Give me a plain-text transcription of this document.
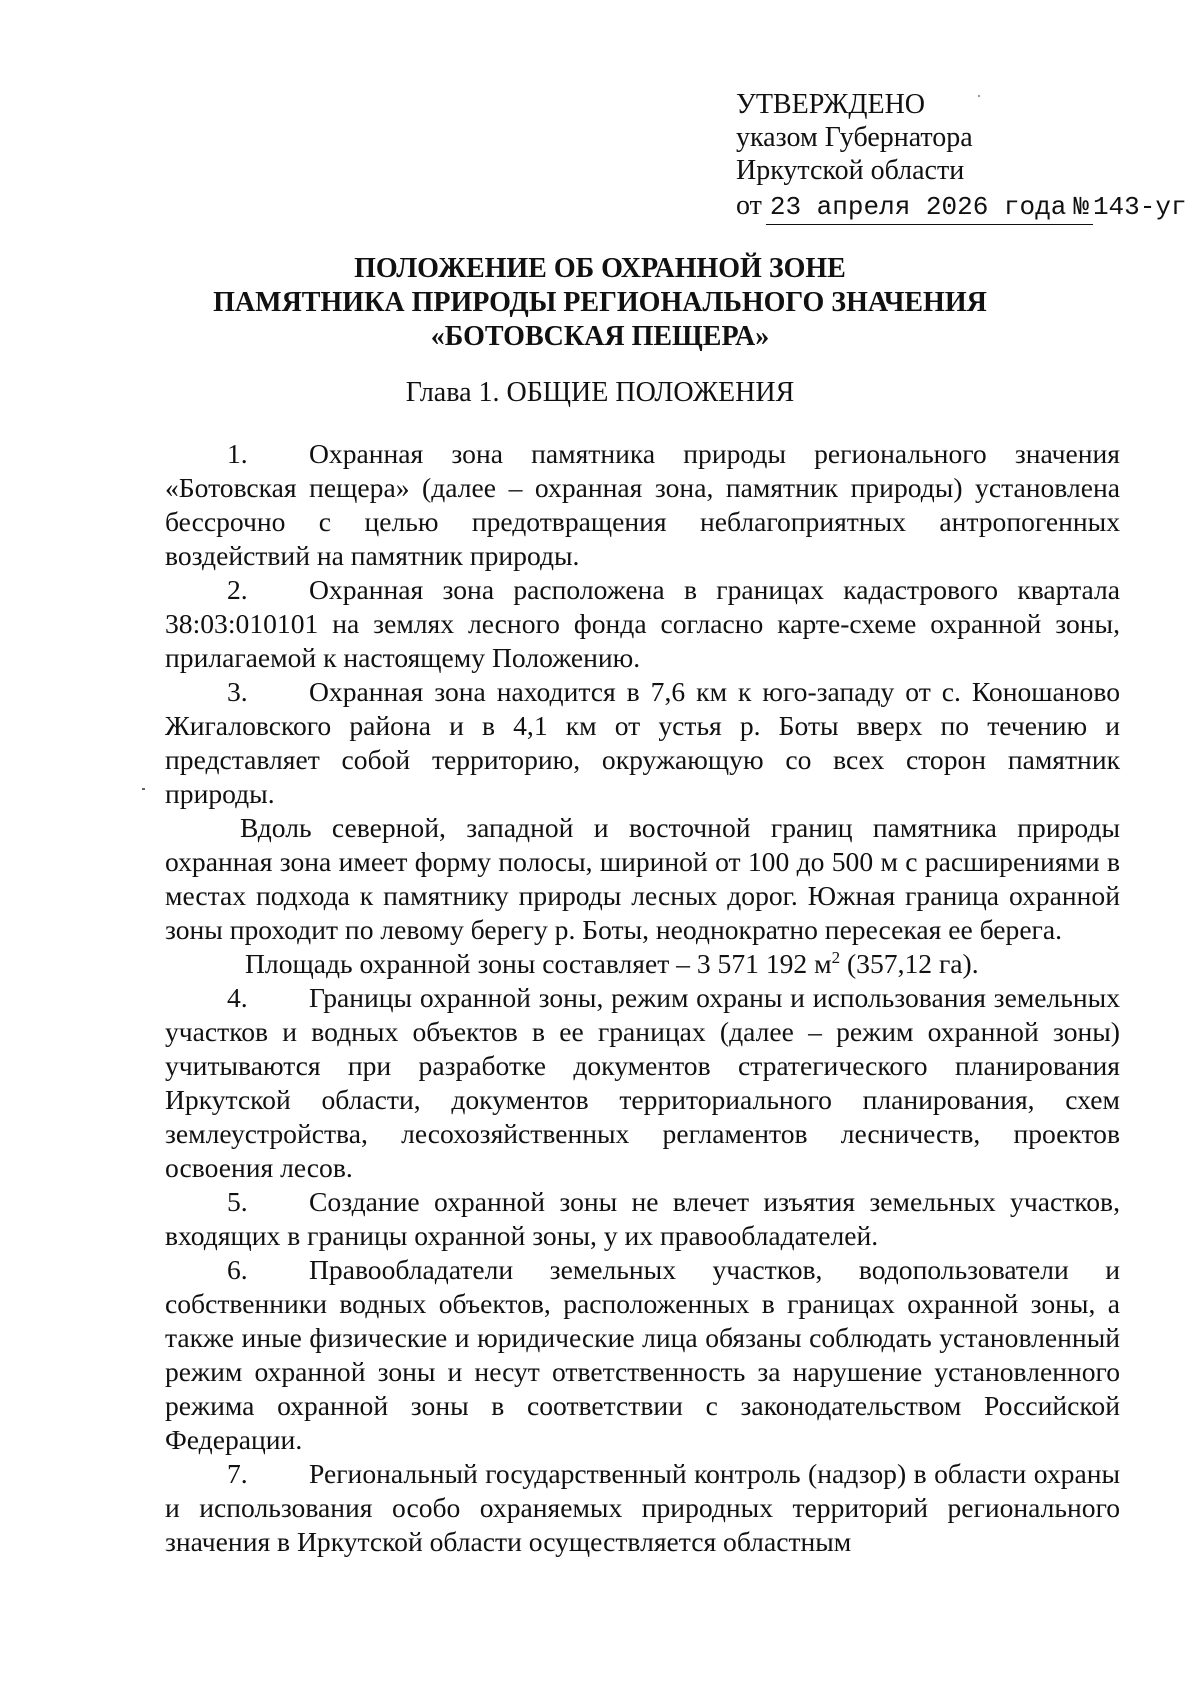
УТВЕРЖДЕНО
указом Губернатора
Иркутской области
от 23 апреля 2026 года № 143-уг
ПОЛОЖЕНИЕ ОБ ОХРАННОЙ ЗОНЕ
ПАМЯТНИКА ПРИРОДЫ РЕГИОНАЛЬНОГО ЗНАЧЕНИЯ
«БОТОВСКАЯ ПЕЩЕРА»
Глава 1. ОБЩИЕ ПОЛОЖЕНИЯ

1. Охранная зона памятника природы регионального значения «Ботовская пещера» (далее – охранная зона, памятник природы) установлена бессрочно с целью предотвращения неблагоприятных антропогенных воздействий на памятник природы.

2. Охранная зона расположена в границах кадастрового квартала 38:03:010101 на землях лесного фонда согласно карте-схеме охранной зоны, прилагаемой к настоящему Положению.

3. Охранная зона находится в 7,6 км к юго-западу от с. Коношаново Жигаловского района и в 4,1 км от устья р. Боты вверх по течению и представляет собой территорию, окружающую со всех сторон памятник природы.

Вдоль северной, западной и восточной границ памятника природы охранная зона имеет форму полосы, шириной от 100 до 500 м с расширениями в местах подхода к памятнику природы лесных дорог. Южная граница охранной зоны проходит по левому берегу р. Боты, неоднократно пересекая ее берега.

Площадь охранной зоны составляет – 3 571 192 $м^2$ (357,12 га).

4. Границы охранной зоны, режим охраны и использования земельных участков и водных объектов в ее границах (далее – режим охранной зоны) учитываются при разработке документов стратегического планирования Иркутской области, документов территориального планирования, схем землеустройства, лесохозяйственных регламентов лесничеств, проектов освоения лесов.

5. Создание охранной зоны не влечет изъятия земельных участков, входящих в границы охранной зоны, у их правообладателей.

6. Правообладатели земельных участков, водопользователи и собственники водных объектов, расположенных в границах охранной зоны, а также иные физические и юридические лица обязаны соблюдать установленный режим охранной зоны и несут ответственность за нарушение установленного режима охранной зоны в соответствии с законодательством Российской Федерации.

7. Региональный государственный контроль (надзор) в области охраны и использования особо охраняемых природных территорий регионального значения в Иркутской области осуществляется областным
